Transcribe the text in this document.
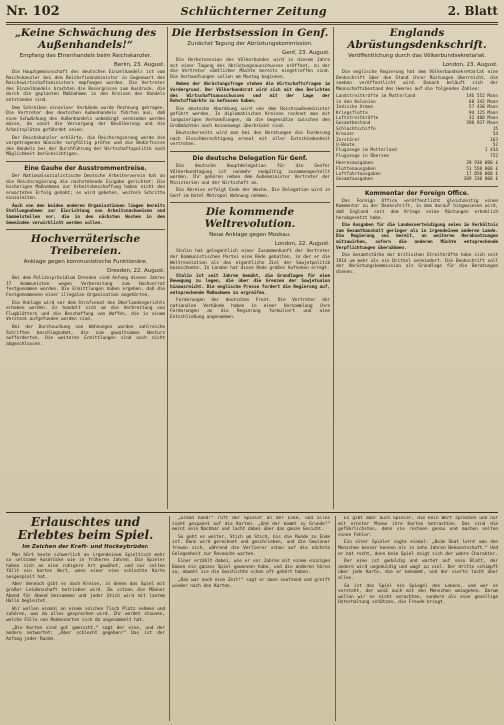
Nr. 102	Schlüchterner Zeitung	2. Blatt
„Keine Schwächung des Außenhandels!“
Empfang des Ehrenhandels beim Reichskanzler.
Berlin, 23. August.

Die Hauptgemeinschaft des deutschen Einzelhandels ist vom Reichskanzler bei dem Reichsfinanzminister in Gegenwart des Reichswirtschaftsministers empfangen worden. Die Vertreter des Einzelhandels brachten die Besorgnisse zum Ausdruck, die durch die geplanten Maßnahmen in den Kreisen des Handels entstanden sind.

Dem Schreiben einzelner Verbände wurde Rechnung getragen. Die Vertreter des deutschen Außenhandels führten aus, daß eine Schwächung des Außenhandels unbedingt vermieden werden müsse, da sonst die Versorgung der Bevölkerung und die Arbeitsplätze gefährdet seien.

Der Reichskanzler erklärte, die Reichsregierung werde die vorgetragenen Wünsche sorgfältig prüfen und die Bedürfnisse des Handels bei der Durchführung der Wirtschaftspolitik nach Möglichkeit berücksichtigen.

Eine Gauhe der Ausstrommentreise.

Der Nationalsozialistische Deutsche Arbeiterverein hat an die Reichsregierung die nachstehende Eingabe gerichtet: Die bisherigen Maßnahmen zur Arbeitsbeschaffung haben nicht den erwarteten Erfolg gehabt; es wird gebeten, weitere Schritte einzuleiten.

Auch von den beiden anderen Organisationen liegen bereits Stellungnahmen zur Einrichtung von Arbeitsnachweisen und Sammelstellen vor, die in den nächsten Wochen in den Gemeinden verwirklicht werden sollen.

Hochverräterische Treibereien.
Anklage gegen kommunistische Funktionäre.
Dresden, 22. August.

Bei dem Polizeipräsidium Dresden sind Anfang dieses Jahres 17 Kommunisten wegen Vorbereitung zum Hochverrat festgenommen worden. Die Ermittlungen haben ergeben, daß die Festgenommenen einer illegalen Organisation angehörten.

Die Anklage wird vor dem Strafsenat des Oberlandesgerichts erhoben werden. Es handelt sich um die Verbreitung von Flugblättern und die Beschaffung von Waffen, die in einem Versteck aufgefunden worden sind.

Bei der Durchsuchung von Wohnungen wurden zahlreiche Schriften beschlagnahmt, die zum gewaltsamen Umsturz aufforderten. Die weiteren Ermittlungen sind noch nicht abgeschlossen.

Die Herbstsession in Genf.
Zunächst Tagung der Abrüstungskommission.
Genf, 23. August.

Die Herbstsession des Völkerbundes wird in diesem Jahre mit einer Tagung des Abrüstungsausschusses eröffnet, zu der die Vertreter sämtlicher Mächte bereits eingetroffen sind. Die Verhandlungen sollen am Montag beginnen.

Neben der Abrüstungsfrage stehen die Wirtschaftsfragen im Vordergrund. Der Völkerbundsrat wird sich mit den Berichten des Wirtschaftsausschusses und mit der Lage der Rohstoffmärkte zu befassen haben.

Die deutsche Abordnung wird von dem Reichsaußenminister geführt werden. In diplomatischen Kreisen rechnet man mit langwierigen Verhandlungen, da die Gegensätze zwischen den Großmächten noch keineswegs überbrückt sind.

Deutscherseits wird man bei den Beratungen die Forderung nach Gleichberechtigung erneut mit aller Entschiedenheit vertreten.

Die deutsche Delegation für Genf.

Die deutsche Hauptdelegation für die Genfer Völkerbundtagung ist nunmehr endgültig zusammengestellt worden. Ihr gehören neben dem Außenminister Vertreter der Ministerien und der Wirtschaft an.

Die Abreise erfolgt Ende der Woche. Die Delegation wird in Genf im Hotel Metropol Wohnung nehmen.

Die kommende Weltrevolution.
Neue Anklage gegen Moskau.
London, 22. August.

Stalin hat gelegentlich einer Zusammenkunft der Vertreter der Kommunistischen Partei eine Rede gehalten, in der er die Weltrevolution als das eigentliche Ziel der Sowjetpolitik bezeichnete. In London hat diese Rede großes Aufsehen erregt.

Stalin ist seit Jahren bemüht, die Grundlagen für eine Bewegung zu legen, die über die Grenzen der Sowjetunion hinausreicht. Die englische Presse fordert die Regierung auf, entsprechende Maßnahmen zu ergreifen.

Forderungen der deutschen Front. Die Vertreter der nationalen Verbände haben in einer Versammlung ihre Forderungen an die Regierung formuliert und eine Entschließung angenommen.

Englands Abrüstungsdenkschrift.
Veröffentlichung durch das Völkerbundsekretariat.
London, 23. August.

Die englische Regierung hat dem Völkerbundsekretariat eine Denkschrift über den Stand ihrer Rüstungen überreicht, die soeben veröffentlicht wird. Danach beläuft sich der Mannschaftsbestand des Heeres auf die folgenden Zahlen:

Landstreitkräfte im Mutterland	146 552 Mann
in den Kolonien	68 342 Mann
Indische Armee	57 438 Mann
Kriegsflotte	94 125 Mann
Luftstreitkräfte	32 480 Mann
Gesamtbestand	398 937 Mann
Schlachtschiffe	15
Kreuzer	54
Zerstörer	163
U-Boote	52
Flugzeuge im Mutterland	1 434
Flugzeuge in Übersee	752
Heeresausgaben	39 930 000 £
Flottenausgaben	51 550 000 £
Luftfahrtausgaben	17 850 000 £
Gesamtausgaben	109 330 000 £
Kommentar der Foreign Office.

Das Foreign Office veröffentlicht gleichzeitig einen Kommentar zu der Denkschrift, in dem darauf hingewiesen wird, daß England seit dem Kriege seine Rüstungen erheblich herabgesetzt habe.

Die Ausgaben für die Landesverteidigung seien im Verhältnis zum Gesamthaushalt geringer als in irgendeinem anderen Lande. Die Regierung sei bereit, an weiteren Herabsetzungen mitzuwirken, sofern die anderen Mächte entsprechende Verpflichtungen übernähmen.

Die Gesamtstärke der britischen Streitkräfte habe sich seit 1914 um mehr als ein Drittel vermindert. Die Denkschrift soll der Abrüstungskommission als Grundlage für die Beratungen dienen.

Erlauschtes und Erlebtes beim Spiel.
Im Zeichen der Kraft- und Hockeybrüder.

Man hört heute schwerlich an irgendeinem Spieltisch mehr so seltsame Ausdrücke wie in früheren Jahren. Die Spieler haben sich an eine ruhigere Art gewöhnt, und nur selten fällt ein hartes Wort, wenn einer eine schlechte Karte ausgespielt hat.

Aber dennoch gibt es noch Kreise, in denen das Spiel mit großer Leidenschaft betrieben wird. Da sitzen die Männer Abend für Abend beisammen und jeder Stich wird mit lautem Hallo begleitet.

Wir wollen einmal an einem solchen Tisch Platz nehmen und zuhören, was da alles gesprochen wird. Ihr werdet staunen, welche Fülle von Redensarten sich da angesammelt hat.

„Die Karten sind gut gemischt,“ sagt der eine, und der andere antwortet: „Aber schlecht gegeben!“ Das ist der Anfang jeder Runde.

„Grand hand!“ ruft der Spieler an der Ecke, und alles sieht gespannt auf die Karten. „Und der kommt zu Grunde!“ meint sein Nachbar und lacht dabei über das ganze Gesicht.

So geht es weiter, Stich um Stich, bis die Runde zu Ende ist. Dann wird gerechnet und geschrieben, und die Gewinner freuen sich, während die Verlierer schon auf die nächste Gelegenheit zur Revanche warten.

Einer erzählt dabei, wie er vor Jahren mit einem einzigen Buben ein ganzes Spiel gewonnen habe, und die anderen hören zu, obwohl sie die Geschichte schon oft gehört haben.

„Das war noch eine Zeit!“ sagt er dann seufzend und greift wieder nach den Karten.

Es gibt aber auch Spieler, die kein Wort sprechen und nur mit ernster Miene ihre Karten betrachten. Das sind die gefährlichsten, denn sie rechnen genau und machen selten einen Fehler.

Ein alter Spieler sagte einmal: „Beim Skat lernt man den Menschen besser kennen als in zehn Jahren Bekanntschaft.“ Und er hat recht, denn beim Spiel zeigt sich der wahre Charakter.

Der eine ist geduldig und wartet auf sein Blatt, der andere wird ungeduldig und wagt zu viel. Der dritte schimpft über jede Karte, die er bekommt, und der vierte lacht über alles.

So ist das Spiel ein Spiegel des Lebens, und wer es versteht, der weiß auch mit den Menschen umzugehen. Darum wollen wir es nicht verachten, sondern als eine gesellige Unterhaltung schätzen, die Freude bringt.
